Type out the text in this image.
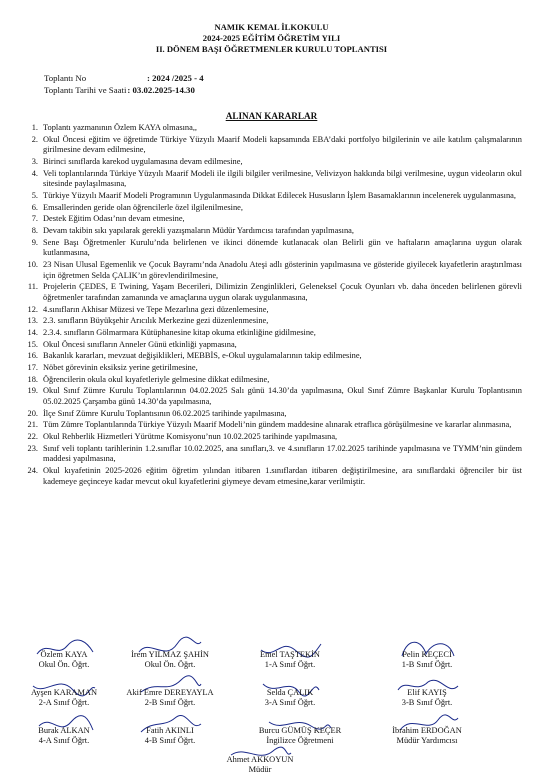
NAMIK KEMAL İLKOKULU
2024-2025 EĞİTİM ÖĞRETİM YILI
II. DÖNEM BAŞI ÖĞRETMENLER KURULU TOPLANTISI
Toplantı No	: 2024 /2025 - 4
Toplantı Tarihi ve Saati : 03.02.2025-14.30
ALINAN KARARLAR
1. Toplantı yazmanının Özlem KAYA olmasına,,
2. Okul Öncesi eğitim ve öğretimde Türkiye Yüzyılı Maarif Modeli kapsamında EBA’daki portfolyo bilgilerinin ve aile katılım çalışmalarının girilmesine devam edilmesine,
3. Birinci sınıflarda karekod uygulamasına devam edilmesine,
4. Veli toplantılarında Türkiye Yüzyılı Maarif Modeli ile ilgili bilgiler verilmesine, Velivizyon hakkında bilgi verilmesine, uygun videoların okul sitesinde paylaşılmasına,
5. Türkiye Yüzyılı Maarif Modeli Programının Uygulanmasında Dikkat Edilecek Hususların İşlem Basamaklarının incelenerek uygulanmasına,
6. Emsallerinden geride olan öğrencilerle özel ilgilenilmesine,
7. Destek Eğitim Odası’nın devam etmesine,
8. Devam takibin sıkı yapılarak gerekli yazışmaların Müdür Yardımcısı tarafından yapılmasına,
9. Sene Başı Öğretmenler Kurulu’nda belirlenen ve ikinci dönemde kutlanacak olan Belirli gün ve haftaların amaçlarına uygun olarak kutlanmasına,
10. 23 Nisan Ulusal Egemenlik ve Çocuk Bayramı’nda Anadolu Ateşi adlı gösterinin yapılmasına ve gösteride giyilecek kıyafetlerin araştırılması için öğretmen Selda ÇALIK’ın görevlendirilmesine,
11. Projelerin ÇEDES, E Twining, Yaşam Becerileri, Dilimizin Zenginlikleri, Geleneksel Çocuk Oyunları vb. daha önceden belirlenen görevli öğretmenler tarafından zamanında ve amaçlarına uygun olarak uygulanmasına,
12. 4.sınıfların Akhisar Müzesi ve Tepe Mezarlına gezi düzenlemesine,
13. 2.3. sınıfların Büyükşehir Arıcılık Merkezine gezi düzenlenmesine,
14. 2.3.4. sınıfların Gölmarmara Kütüphanesine kitap okuma etkinliğine gidilmesine,
15. Okul Öncesi sınıfların Anneler Günü etkinliği yapmasına,
16. Bakanlık kararları, mevzuat değişiklikleri, MEBBİS, e-Okul uygulamalarının takip edilmesine,
17. Nöbet görevinin eksiksiz yerine getirilmesine,
18. Öğrencilerin okula okul kıyafetleriyle gelmesine dikkat edilmesine,
19. Okul Sınıf Zümre Kurulu Toplantılarının 04.02.2025 Salı günü 14.30’da yapılmasına, Okul Sınıf Zümre Başkanlar Kurulu Toplantısının 05.02.2025 Çarşamba günü 14.30’da yapılmasına,
20. İlçe Sınıf Zümre Kurulu Toplantısının 06.02.2025 tarihinde yapılmasına,
21. Tüm Zümre Toplantılarında Türkiye Yüzyılı Maarif Modeli’nin gündem maddesine alınarak etraflıca görüşülmesine ve kararlar alınmasına,
22. Okul Rehberlik Hizmetleri Yürütme Komisyonu’nun 10.02.2025 tarihinde yapılmasına,
23. Sınıf veli toplantı tarihlerinin 1.2.sınıflar 10.02.2025, ana sınıfları,3. ve 4.sınıfların 17.02.2025 tarihinde yapılmasına ve TYMM’nin gündem maddesi yapılmasına,
24. Okul kıyafetinin 2025-2026 eğitim öğretim yılından itibaren 1.sınıflardan itibaren değiştirilmesine, ara sınıflardaki öğrenciler bir üst kademeye geçinceye kadar mevcut okul kıyafetlerini giymeye devam etmesine,karar verilmiştir.
Özlem KAYA
Okul Ön. Öğrt.
İrem YILMAZ ŞAHİN
Okul Ön. Öğrt.
Emel TAŞTEKİN
1-A Sınıf Öğrt.
Pelin KEÇECİ
1-B Sınıf Öğrt.
Ayşen KARAMAN
2-A Sınıf Öğrt.
Akif Emre DEREYAYLA
2-B Sınıf Öğrt.
Selda ÇALIK
3-A Sınıf Öğrt.
Elif KAYIŞ
3-B Sınıf Öğrt.
Burak ALKAN
4-A Sınıf Öğrt.
Fatih AKINLI
4-B Sınıf Öğrt.
Burcu GÜMÜŞ KEÇER
İngilizce Öğretmeni
İbrahim ERDOĞAN
Müdür Yardımcısı
Ahmet AKKOYUN
Müdür
